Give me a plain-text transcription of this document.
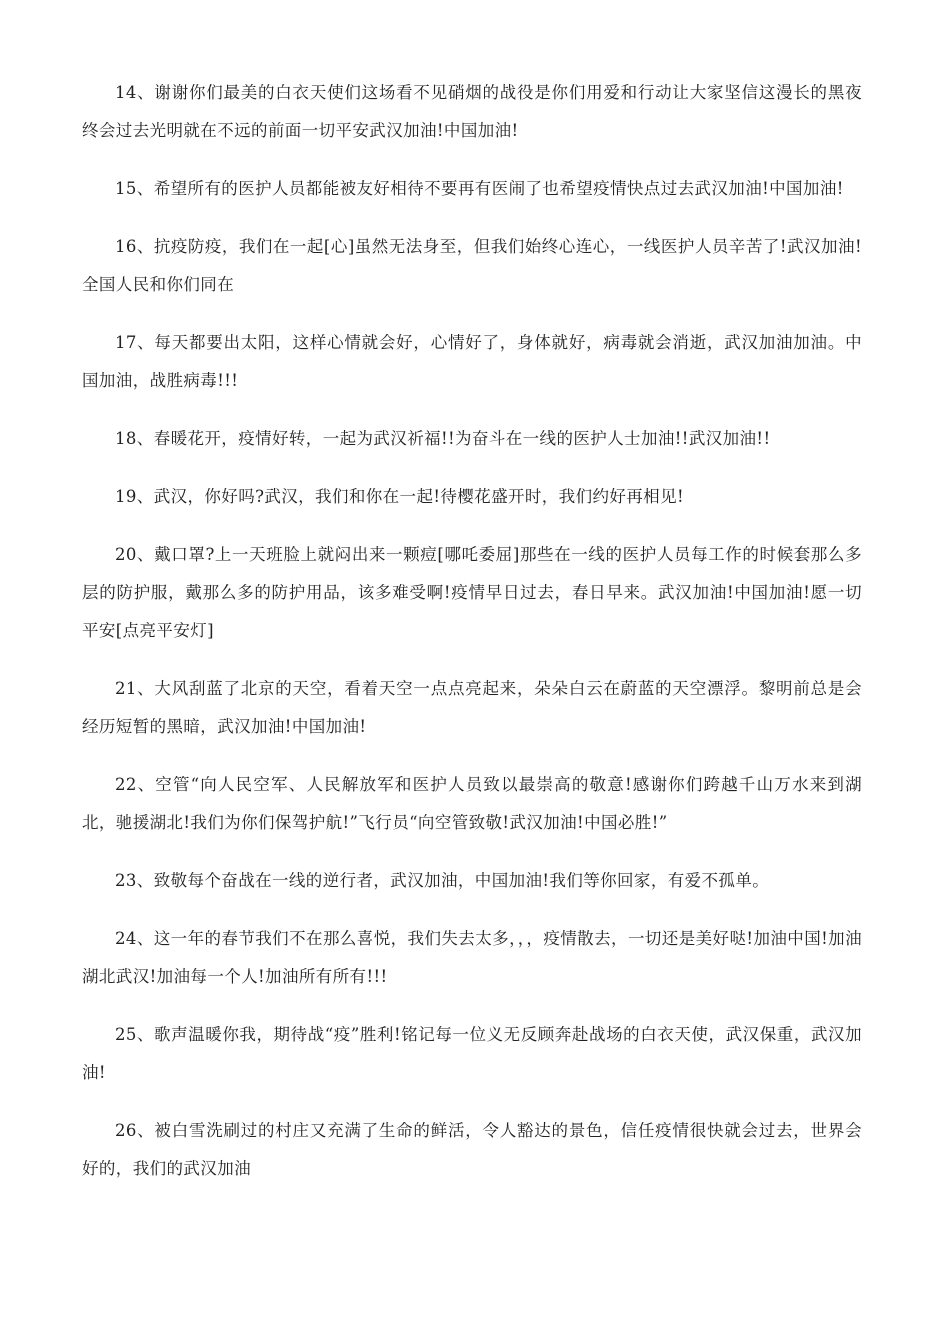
14、谢谢你们最美的白衣天使们这场看不见硝烟的战役是你们用爱和行动让大家坚信这漫长的黑夜终会过去光明就在不远的前面一切平安武汉加油!中国加油!

15、希望所有的医护人员都能被友好相待不要再有医闹了也希望疫情快点过去武汉加油!中国加油!

16、抗疫防疫，我们在一起[心]虽然无法身至，但我们始终心连心，一线医护人员辛苦了!武汉加油!全国人民和你们同在

17、每天都要出太阳，这样心情就会好，心情好了，身体就好，病毒就会消逝，武汉加油加油。中国加油，战胜病毒!!!

18、春暖花开，疫情好转，一起为武汉祈福!!为奋斗在一线的医护人士加油!!武汉加油!!

19、武汉，你好吗?武汉，我们和你在一起!待樱花盛开时，我们约好再相见!

20、戴口罩?上一天班脸上就闷出来一颗痘[哪吒委屈]那些在一线的医护人员每工作的时候套那么多层的防护服，戴那么多的防护用品，该多难受啊!疫情早日过去，春日早来。武汉加油!中国加油!愿一切平安[点亮平安灯]

21、大风刮蓝了北京的天空，看着天空一点点亮起来，朵朵白云在蔚蓝的天空漂浮。黎明前总是会经历短暂的黑暗，武汉加油!中国加油!

22、空管“向人民空军、人民解放军和医护人员致以最崇高的敬意!感谢你们跨越千山万水来到湖北，驰援湖北!我们为你们保驾护航!”飞行员“向空管致敬!武汉加油!中国必胜!”

23、致敬每个奋战在一线的逆行者，武汉加油，中国加油!我们等你回家，有爱不孤单。

24、这一年的春节我们不在那么喜悦，我们失去太多，，，疫情散去，一切还是美好哒!加油中国!加油湖北武汉!加油每一个人!加油所有所有!!!

25、歌声温暖你我，期待战“疫”胜利!铭记每一位义无反顾奔赴战场的白衣天使，武汉保重，武汉加油!

26、被白雪洗刷过的村庄又充满了生命的鲜活，令人豁达的景色，信任疫情很快就会过去，世界会好的，我们的武汉加油
